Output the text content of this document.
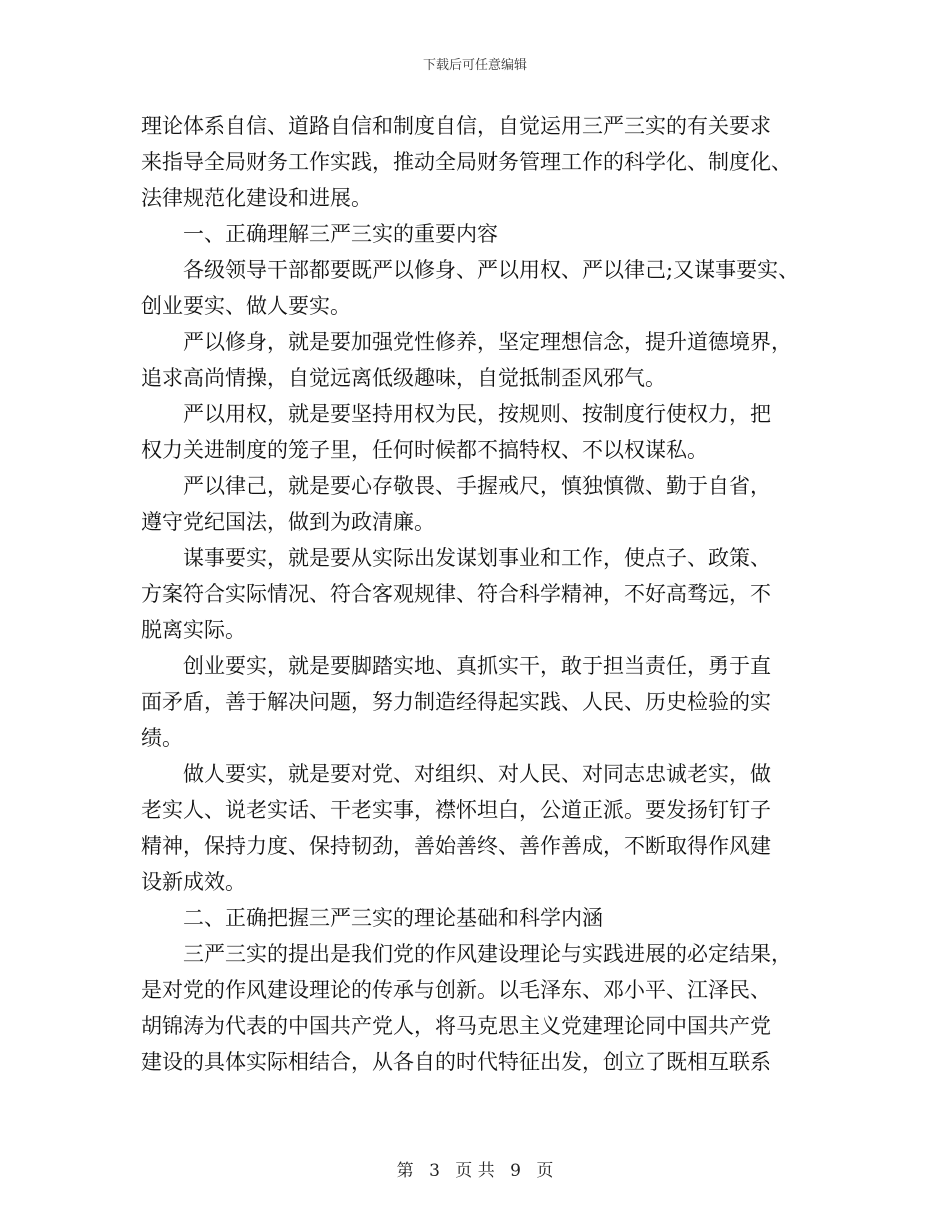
下载后可任意编辑

理论体系自信、道路自信和制度自信，自觉运用三严三实的有关要求

来指导全局财务工作实践，推动全局财务管理工作的科学化、制度化、

法律规范化建设和进展。

一、正确理解三严三实的重要内容

各级领导干部都要既严以修身、严以用权、严以律己;又谋事要实、

创业要实、做人要实。

严以修身，就是要加强党性修养，坚定理想信念，提升道德境界，

追求高尚情操，自觉远离低级趣味，自觉抵制歪风邪气。

严以用权，就是要坚持用权为民，按规则、按制度行使权力，把

权力关进制度的笼子里，任何时候都不搞特权、不以权谋私。

严以律己，就是要心存敬畏、手握戒尺，慎独慎微、勤于自省，

遵守党纪国法，做到为政清廉。

谋事要实，就是要从实际出发谋划事业和工作，使点子、政策、

方案符合实际情况、符合客观规律、符合科学精神，不好高骛远，不

脱离实际。

创业要实，就是要脚踏实地、真抓实干，敢于担当责任，勇于直

面矛盾，善于解决问题，努力制造经得起实践、人民、历史检验的实

绩。

做人要实，就是要对党、对组织、对人民、对同志忠诚老实，做

老实人、说老实话、干老实事，襟怀坦白，公道正派。要发扬钉钉子

精神，保持力度、保持韧劲，善始善终、善作善成，不断取得作风建

设新成效。

二、正确把握三严三实的理论基础和科学内涵

三严三实的提出是我们党的作风建设理论与实践进展的必定结果，

是对党的作风建设理论的传承与创新。以毛泽东、邓小平、江泽民、

胡锦涛为代表的中国共产党人，将马克思主义党建理论同中国共产党

建设的具体实际相结合，从各自的时代特征出发，创立了既相互联系

第 3 页 共 9 页
